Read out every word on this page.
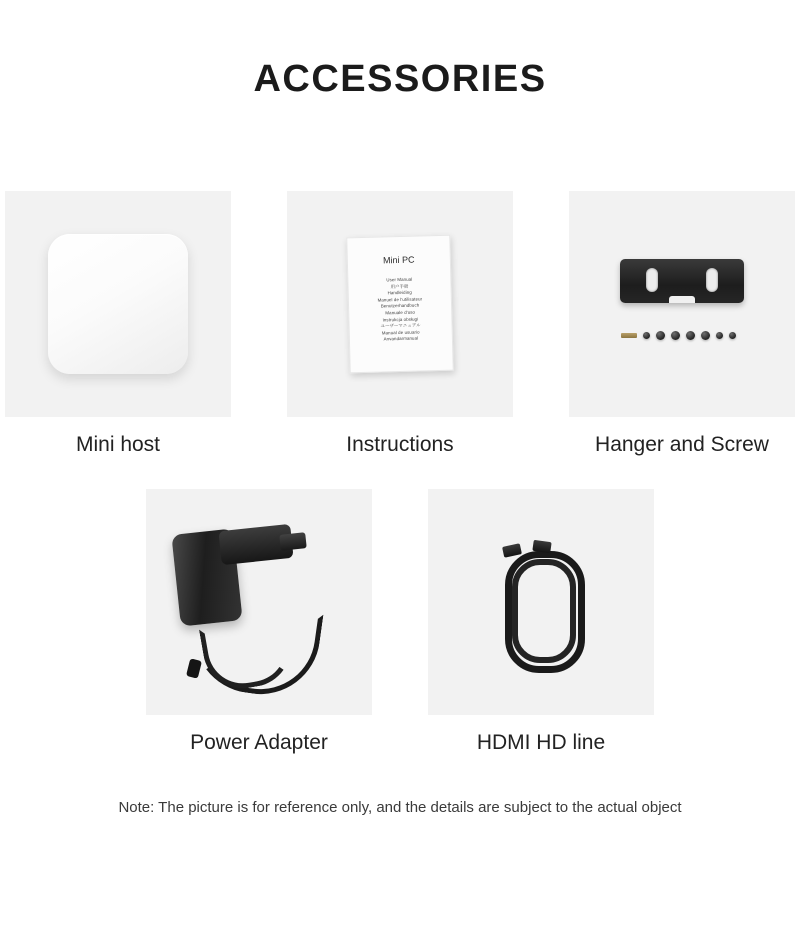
ACCESSORIES
Mini host
Mini PC
User Manual
用户手册
Handleiding
Manuel de l'utilisateur
Benutzerhandbuch
Manuale d'uso
Instrukcja obsługi
ユーザーマニュアル
Manual de usuario
Anvandarmanual
Instructions	Hanger and Screw
Power Adapter	HDMI HD line
Note: The picture is for reference only, and the details are subject to the actual object
